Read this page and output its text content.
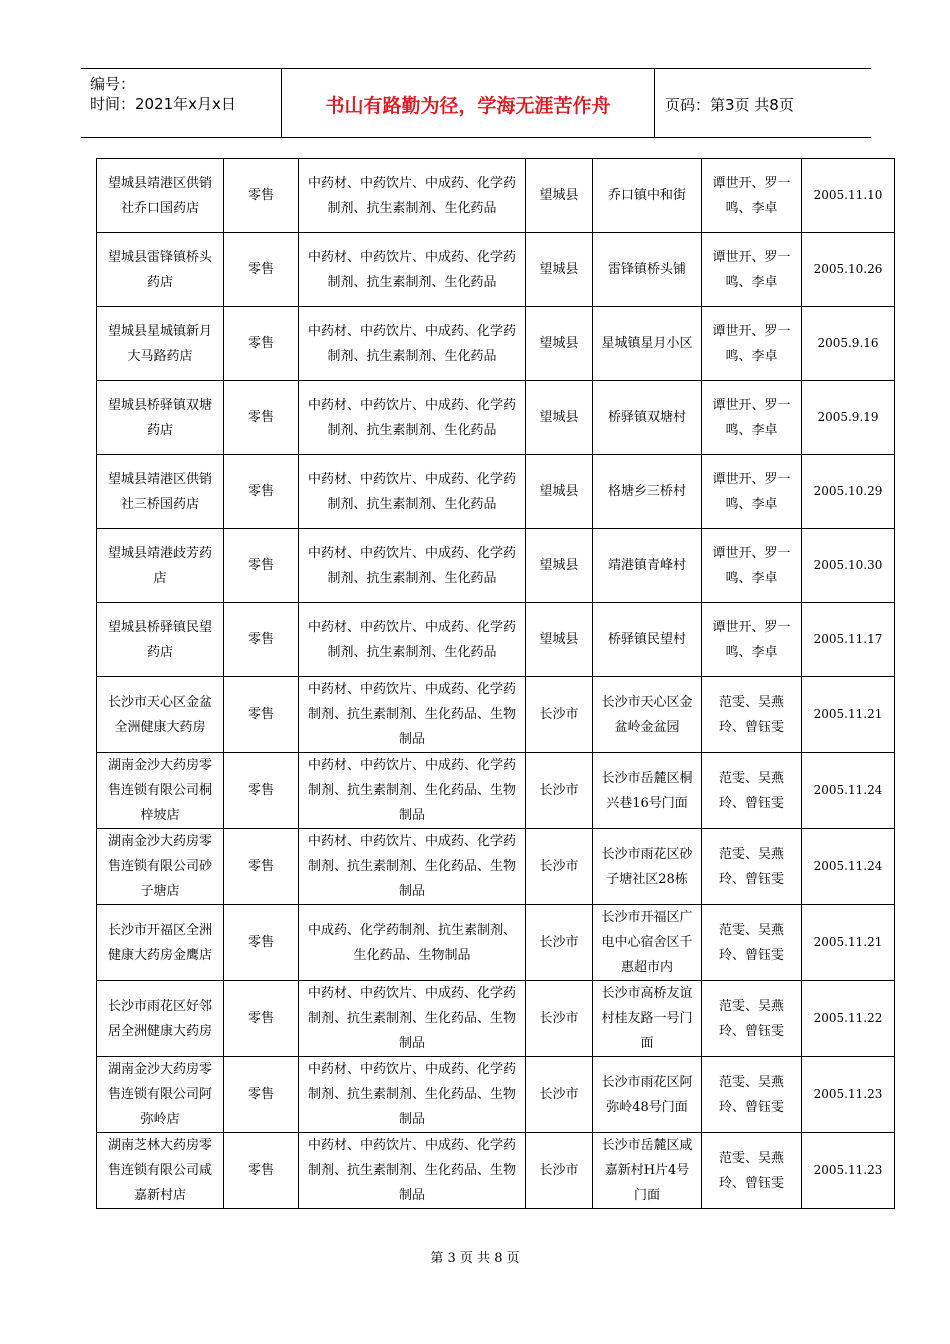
编号：
时间：2021年x月x日	书山有路勤为径，学海无涯苦作舟	页码：第3页 共8页
望城县靖港区供销社乔口国药店	零售	中药材、中药饮片、中成药、化学药制剂、抗生素制剂、生化药品	望城县	乔口镇中和街	谭世开、罗一鸣、李卓	2005.11.10
望城县雷锋镇桥头药店	零售	中药材、中药饮片、中成药、化学药制剂、抗生素制剂、生化药品	望城县	雷锋镇桥头铺	谭世开、罗一鸣、李卓	2005.10.26
望城县星城镇新月大马路药店	零售	中药材、中药饮片、中成药、化学药制剂、抗生素制剂、生化药品	望城县	星城镇星月小区	谭世开、罗一鸣、李卓	2005.9.16
望城县桥驿镇双塘药店	零售	中药材、中药饮片、中成药、化学药制剂、抗生素制剂、生化药品	望城县	桥驿镇双塘村	谭世开、罗一鸣、李卓	2005.9.19
望城县靖港区供销社三桥国药店	零售	中药材、中药饮片、中成药、化学药制剂、抗生素制剂、生化药品	望城县	格塘乡三桥村	谭世开、罗一鸣、李卓	2005.10.29
望城县靖港歧芳药店	零售	中药材、中药饮片、中成药、化学药制剂、抗生素制剂、生化药品	望城县	靖港镇青峰村	谭世开、罗一鸣、李卓	2005.10.30
望城县桥驿镇民望药店	零售	中药材、中药饮片、中成药、化学药制剂、抗生素制剂、生化药品	望城县	桥驿镇民望村	谭世开、罗一鸣、李卓	2005.11.17
长沙市天心区金盆全洲健康大药房	零售	中药材、中药饮片、中成药、化学药制剂、抗生素制剂、生化药品、生物制品	长沙市	长沙市天心区金盆岭金盆园	范雯、吴燕玲、曾钰雯	2005.11.21
湖南金沙大药房零售连锁有限公司桐梓坡店	零售	中药材、中药饮片、中成药、化学药制剂、抗生素制剂、生化药品、生物制品	长沙市	长沙市岳麓区桐兴巷16号门面	范雯、吴燕玲、曾钰雯	2005.11.24
湖南金沙大药房零售连锁有限公司砂子塘店	零售	中药材、中药饮片、中成药、化学药制剂、抗生素制剂、生化药品、生物制品	长沙市	长沙市雨花区砂子塘社区28栋	范雯、吴燕玲、曾钰雯	2005.11.24
长沙市开福区全洲健康大药房金鹰店	零售	中成药、化学药制剂、抗生素制剂、生化药品、生物制品	长沙市	长沙市开福区广电中心宿舍区千惠超市内	范雯、吴燕玲、曾钰雯	2005.11.21
长沙市雨花区好邻居全洲健康大药房	零售	中药材、中药饮片、中成药、化学药制剂、抗生素制剂、生化药品、生物制品	长沙市	长沙市高桥友谊村桂友路一号门面	范雯、吴燕玲、曾钰雯	2005.11.22
湖南金沙大药房零售连锁有限公司阿弥岭店	零售	中药材、中药饮片、中成药、化学药制剂、抗生素制剂、生化药品、生物制品	长沙市	长沙市雨花区阿弥岭48号门面	范雯、吴燕玲、曾钰雯	2005.11.23
湖南芝林大药房零售连锁有限公司咸嘉新村店	零售	中药材、中药饮片、中成药、化学药制剂、抗生素制剂、生化药品、生物制品	长沙市	长沙市岳麓区咸嘉新村H片4号门面	范雯、吴燕玲、曾钰雯	2005.11.23
第 3 页 共 8 页
